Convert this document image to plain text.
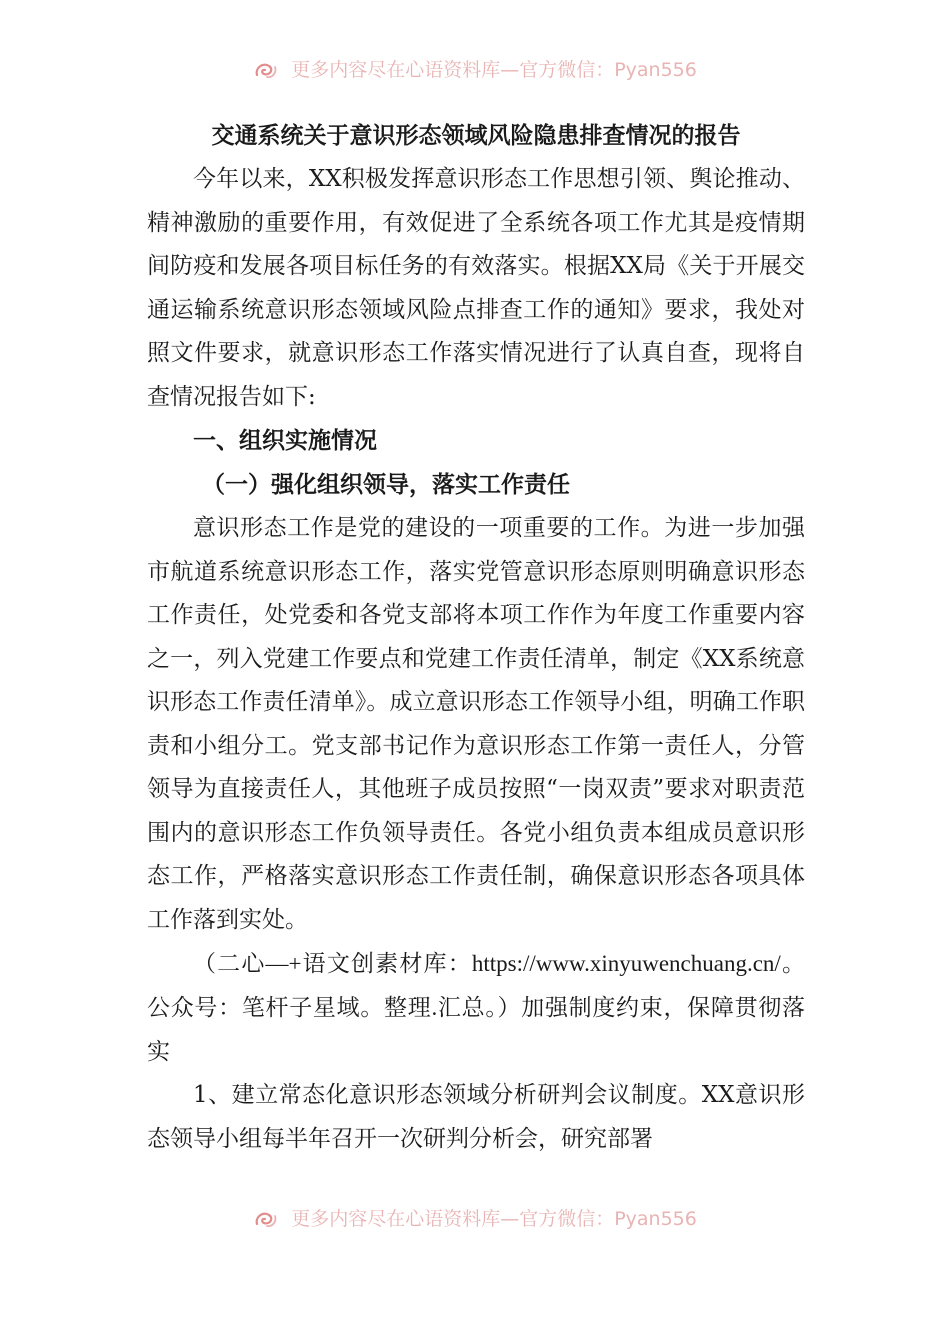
更多内容尽在心语资料库—官方微信：Pyan556
交通系统关于意识形态领域风险隐患排查情况的报告

今年以来，XX积极发挥意识形态工作思想引领、舆论推动、精神激励的重要作用，有效促进了全系统各项工作尤其是疫情期间防疫和发展各项目标任务的有效落实。根据XX局《关于开展交通运输系统意识形态领域风险点排查工作的通知》要求，我处对照文件要求，就意识形态工作落实情况进行了认真自查，现将自查情况报告如下:

一、组织实施情况

（一）强化组织领导，落实工作责任

意识形态工作是党的建设的一项重要的工作。为进一步加强市航道系统意识形态工作，落实党管意识形态原则明确意识形态工作责任，处党委和各党支部将本项工作作为年度工作重要内容之一，列入党建工作要点和党建工作责任清单，制定《XX系统意识形态工作责任清单》。成立意识形态工作领导小组，明确工作职责和小组分工。党支部书记作为意识形态工作第一责任人，分管领导为直接责任人，其他班子成员按照“一岗双责”要求对职责范围内的意识形态工作负领导责任。各党小组负责本组成员意识形态工作，严格落实意识形态工作责任制，确保意识形态各项具体工作落到实处。

（二心—+语文创素材库：https://www.xinyuwenchuang.cn/。公众号：笔杆子星域。整理.汇总。）加强制度约束，保障贯彻落实

1、建立常态化意识形态领域分析研判会议制度。XX意识形态领导小组每半年召开一次研判分析会，研究部署

更多内容尽在心语资料库—官方微信：Pyan556
